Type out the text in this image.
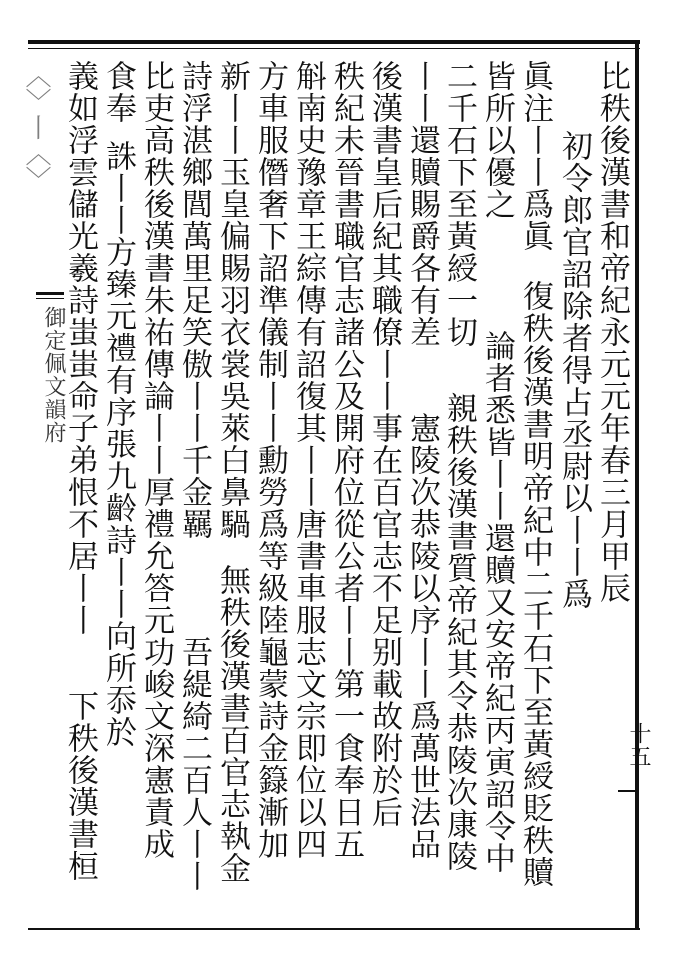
〈〉丨〈〉
御定佩文韻府	比秩後漢書和帝紀永元元年春三月甲辰
初令郎官詔除者得占丞尉以丨丨爲
眞注丨丨爲眞
皆所以優之
復秩後漢書明帝紀中二千石下至黃綬貶秩贖
論者悉皆丨丨還贖又安帝紀丙寅詔令中
二千石下至黃綬一切
親秩後漢書質帝紀其令恭陵次康陵
丨丨還贖賜爵各有差
憲陵次恭陵以序丨丨爲萬世法品
後漢書皇后紀其職僚丨丨事在百官志不足别載故附於后
秩紀未晉書職官志諸公及開府位從公者丨丨第一食奉日五
斛南史豫章王綜傳有詔復其丨丨唐書車服志文宗即位以四
方車服僭奢下詔準儀制丨丨勳勞爲等級陸龜蒙詩金籙漸加
新丨丨玉皇偏賜羽衣裳吳萊白鼻騧
無秩後漢書百官志執金
詩浮湛鄉閭萬里足笑傲丨丨千金羈
吾緹綺二百人丨丨
比吏高秩後漢書朱祐傳論丨丨厚禮允答元功峻文深憲責成
食奉
誅丨丨方臻元禮有序張九齡詩丨丨向所忝於
下秩後漢書桓
義如浮雲儲光羲詩蚩蚩命子弟恨不居丨丨
十五
